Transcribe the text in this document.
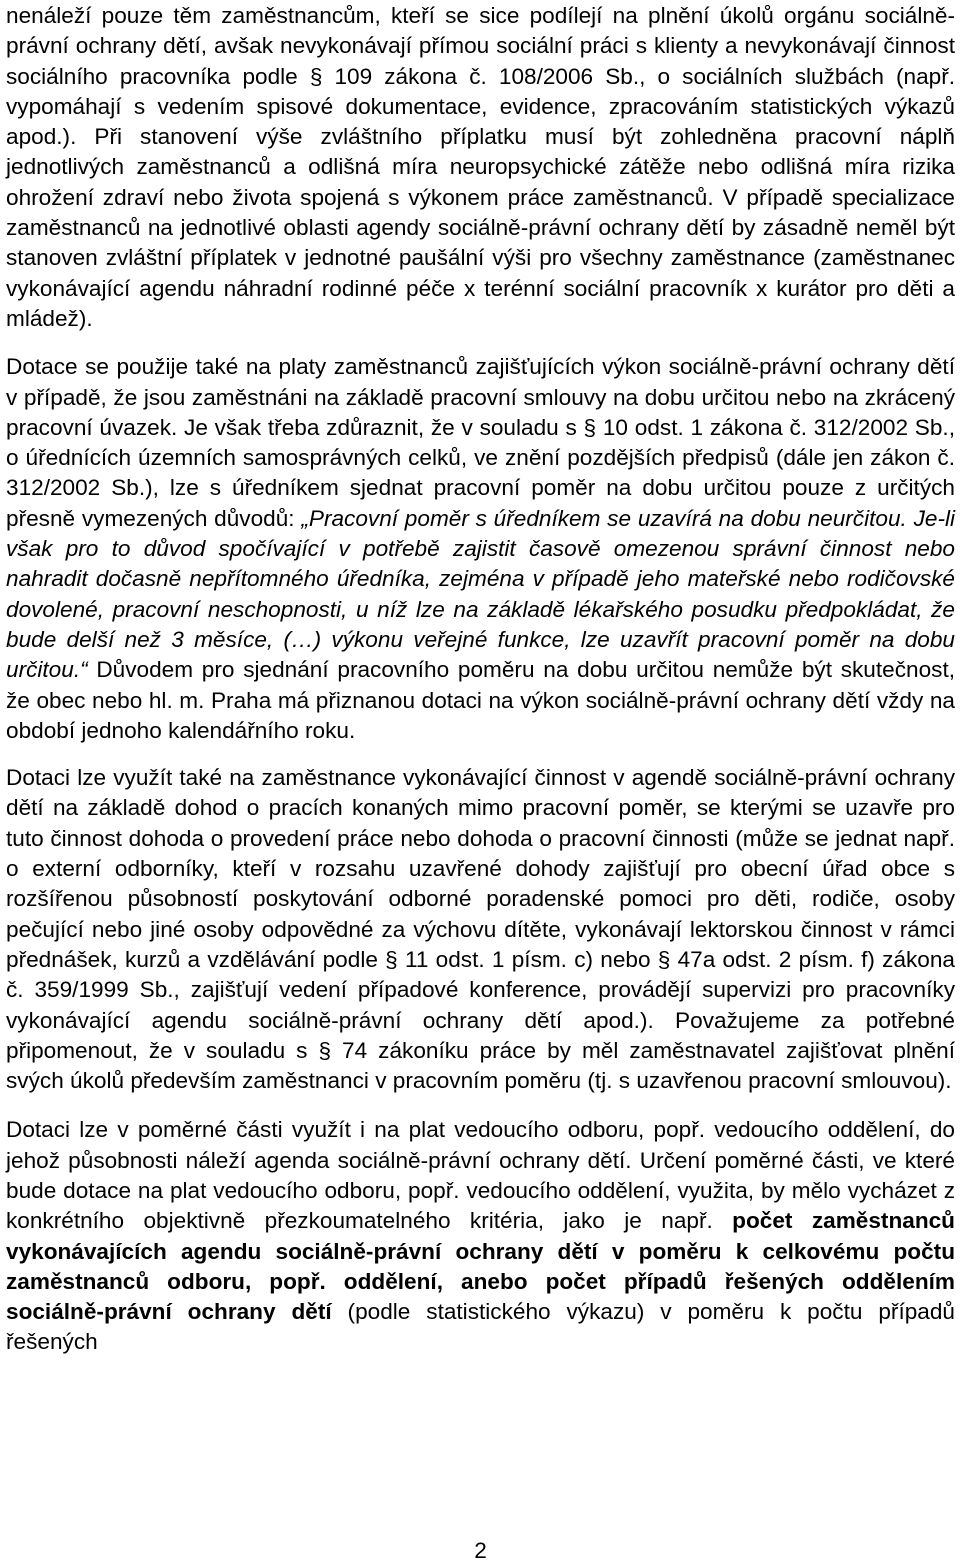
nenáleží pouze těm zaměstnancům, kteří se sice podílejí na plnění úkolů orgánu sociálně-právní ochrany dětí, avšak nevykonávají přímou sociální práci s klienty a nevykonávají činnost sociálního pracovníka podle § 109 zákona č. 108/2006 Sb., o sociálních službách (např. vypomáhají s vedením spisové dokumentace, evidence, zpracováním statistických výkazů apod.). Při stanovení výše zvláštního příplatku musí být zohledněna pracovní náplň jednotlivých zaměstnanců a odlišná míra neuropsychické zátěže nebo odlišná míra rizika ohrožení zdraví nebo života spojená s výkonem práce zaměstnanců. V případě specializace zaměstnanců na jednotlivé oblasti agendy sociálně-právní ochrany dětí by zásadně neměl být stanoven zvláštní příplatek v jednotné paušální výši pro všechny zaměstnance (zaměstnanec vykonávající agendu náhradní rodinné péče x terénní sociální pracovník x kurátor pro děti a mládež).

Dotace se použije také na platy zaměstnanců zajišťujících výkon sociálně-právní ochrany dětí v případě, že jsou zaměstnáni na základě pracovní smlouvy na dobu určitou nebo na zkrácený pracovní úvazek. Je však třeba zdůraznit, že v souladu s § 10 odst. 1 zákona č. 312/2002 Sb., o úřednících územních samosprávných celků, ve znění pozdějších předpisů (dále jen zákon č. 312/2002 Sb.), lze s úředníkem sjednat pracovní poměr na dobu určitou pouze z určitých přesně vymezených důvodů: „Pracovní poměr s úředníkem se uzavírá na dobu neurčitou. Je-li však pro to důvod spočívající v potřebě zajistit časově omezenou správní činnost nebo nahradit dočasně nepřítomného úředníka, zejména v případě jeho mateřské nebo rodičovské dovolené, pracovní neschopnosti, u níž lze na základě lékařského posudku předpokládat, že bude delší než 3 měsíce, (…) výkonu veřejné funkce, lze uzavřít pracovní poměr na dobu určitou.“ Důvodem pro sjednání pracovního poměru na dobu určitou nemůže být skutečnost, že obec nebo hl. m. Praha má přiznanou dotaci na výkon sociálně-právní ochrany dětí vždy na období jednoho kalendářního roku.

Dotaci lze využít také na zaměstnance vykonávající činnost v agendě sociálně-právní ochrany dětí na základě dohod o pracích konaných mimo pracovní poměr, se kterými se uzavře pro tuto činnost dohoda o provedení práce nebo dohoda o pracovní činnosti (může se jednat např. o externí odborníky, kteří v rozsahu uzavřené dohody zajišťují pro obecní úřad obce s rozšířenou působností poskytování odborné poradenské pomoci pro děti, rodiče, osoby pečující nebo jiné osoby odpovědné za výchovu dítěte, vykonávají lektorskou činnost v rámci přednášek, kurzů a vzdělávání podle § 11 odst. 1 písm. c) nebo § 47a odst. 2 písm. f) zákona č. 359/1999 Sb., zajišťují vedení případové konference, provádějí supervizi pro pracovníky vykonávající agendu sociálně-právní ochrany dětí apod.). Považujeme za potřebné připomenout, že v souladu s § 74 zákoníku práce by měl zaměstnavatel zajišťovat plnění svých úkolů především zaměstnanci v pracovním poměru (tj. s uzavřenou pracovní smlouvou).

Dotaci lze v poměrné části využít i na plat vedoucího odboru, popř. vedoucího oddělení, do jehož působnosti náleží agenda sociálně-právní ochrany dětí. Určení poměrné části, ve které bude dotace na plat vedoucího odboru, popř. vedoucího oddělení, využita, by mělo vycházet z konkrétního objektivně přezkoumatelného kritéria, jako je např. počet zaměstnanců vykonávajících agendu sociálně-právní ochrany dětí v poměru k celkovému počtu zaměstnanců odboru, popř. oddělení, anebo počet případů řešených oddělením sociálně-právní ochrany dětí (podle statistického výkazu) v poměru k počtu případů řešených

2
